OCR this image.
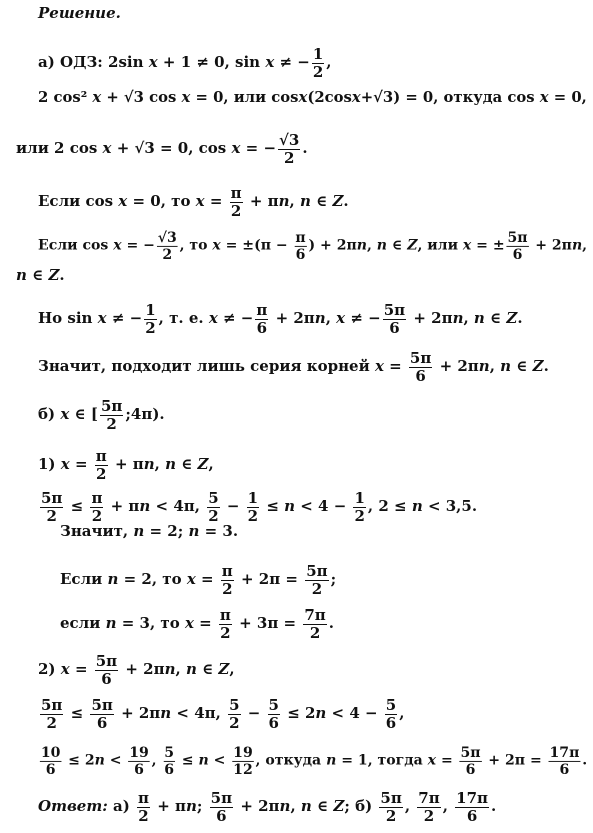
Решение.
а) ОДЗ: 2sin x + 1 ≠ 0, sin x ≠ − $\frac{1}{2}$ ,
2 cos² x + √3 cos x = 0, или cosx(2cosx+√3) = 0, откуда cos x = 0,
или 2 cos x + √3 = 0, cos x = − $\frac{√3}{2}$ .
Если cos x = 0, то $x = \frac{\pi}{2} + \pi n$, n ∈ Z.
Если cos x = − $\frac{√3}{2}$ , то $x = \pm(\pi - \frac{\pi}{6}$ ) + 2πn, n ∈ Z, или x = ± $\frac{5\pi}{6} + 2\pi n$,
n ∈ Z.
Но sin x ≠ − $\frac{1}{2}$ , т. е. x ≠ − $\frac{\pi}{6} + 2\pi n$, x ≠ − $\frac{5\pi}{6} + 2\pi n$, n ∈ Z.
Значит, подходит лишь серия корней $x = \frac{5\pi}{6} + 2\pi n$, n ∈ Z.
б) x ∈ [ $\frac{5\pi}{2}$ ;4π).
1) $x = \frac{\pi}{2} + \pi n$, n ∈ Z,
$\frac{5\pi}{2} \le \frac{\pi}{2} + \pi n < 4\pi$, $\frac{5}{2} - \frac{1}{2} \le n < 4 - \frac{1}{2}$ , 2 ≤ n < 3,5.
Значит, n = 2; n = 3.
Если n = 2, то $x = \frac{\pi}{2} + 2\pi = \frac{5\pi}{2}$ ;
если n = 3, то $x = \frac{\pi}{2} + 3\pi = \frac{7\pi}{2}$ .
2) $x = \frac{5\pi}{6} + 2\pi n$, n ∈ Z,
$\frac{5\pi}{2} \le \frac{5\pi}{6} + 2\pi n < 4\pi$, $\frac{5}{2} - \frac{5}{6} \le 2n < 4 - \frac{5}{6}$ ,
$\frac{10}{6} \le 2n < \frac{19}{6}$ , $\frac{5}{6} \le n < \frac{19}{12}$ , откуда n = 1, тогда $x = \frac{5\pi}{6} + 2\pi = \frac{17\pi}{6}$ .
Ответ: $а) \frac{\pi}{2} + \pi n$; $\frac{5\pi}{6} + 2\pi n$, n ∈ Z; $б) \frac{5\pi}{2}$ , $\frac{7\pi}{2}$ , $\frac{17\pi}{6}$ .
